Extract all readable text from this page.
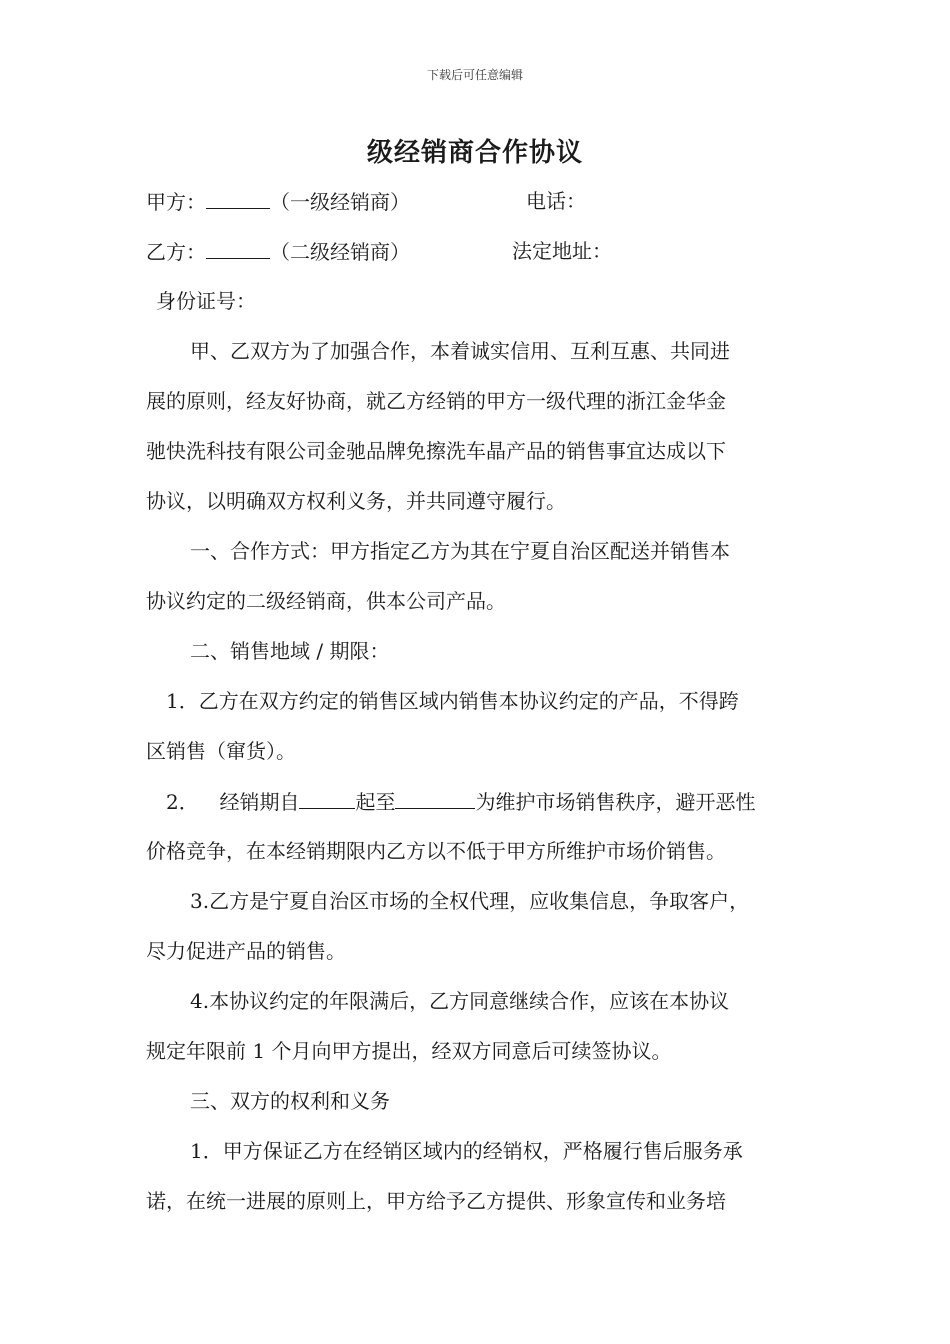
下载后可任意编辑
级经销商合作协议
甲方：	（一级经销商）	电话：
乙方：	（二级经销商）	法定地址：
身份证号：
甲、乙双方为了加强合作，本着诚实信用、互利互惠、共同进
展的原则，经友好协商，就乙方经销的甲方一级代理的浙江金华金
驰快洗科技有限公司金驰品牌免擦洗车晶产品的销售事宜达成以下
协议，以明确双方权利义务，并共同遵守履行。
一、合作方式：甲方指定乙方为其在宁夏自治区配送并销售本
协议约定的二级经销商，供本公司产品。
二、销售地域 / 期限：
1．乙方在双方约定的销售区域内销售本协议约定的产品，不得跨
区销售（窜货）。
2． 经销期自	起至	为维护市场销售秩序，避开恶性
价格竞争，在本经销期限内乙方以不低于甲方所维护市场价销售。
3.乙方是宁夏自治区市场的全权代理，应收集信息，争取客户，
尽力促进产品的销售。
4.本协议约定的年限满后，乙方同意继续合作，应该在本协议
规定年限前 1 个月向甲方提出，经双方同意后可续签协议。
三、双方的权利和义务
1．甲方保证乙方在经销区域内的经销权，严格履行售后服务承
诺，在统一进展的原则上，甲方给予乙方提供、形象宣传和业务培
